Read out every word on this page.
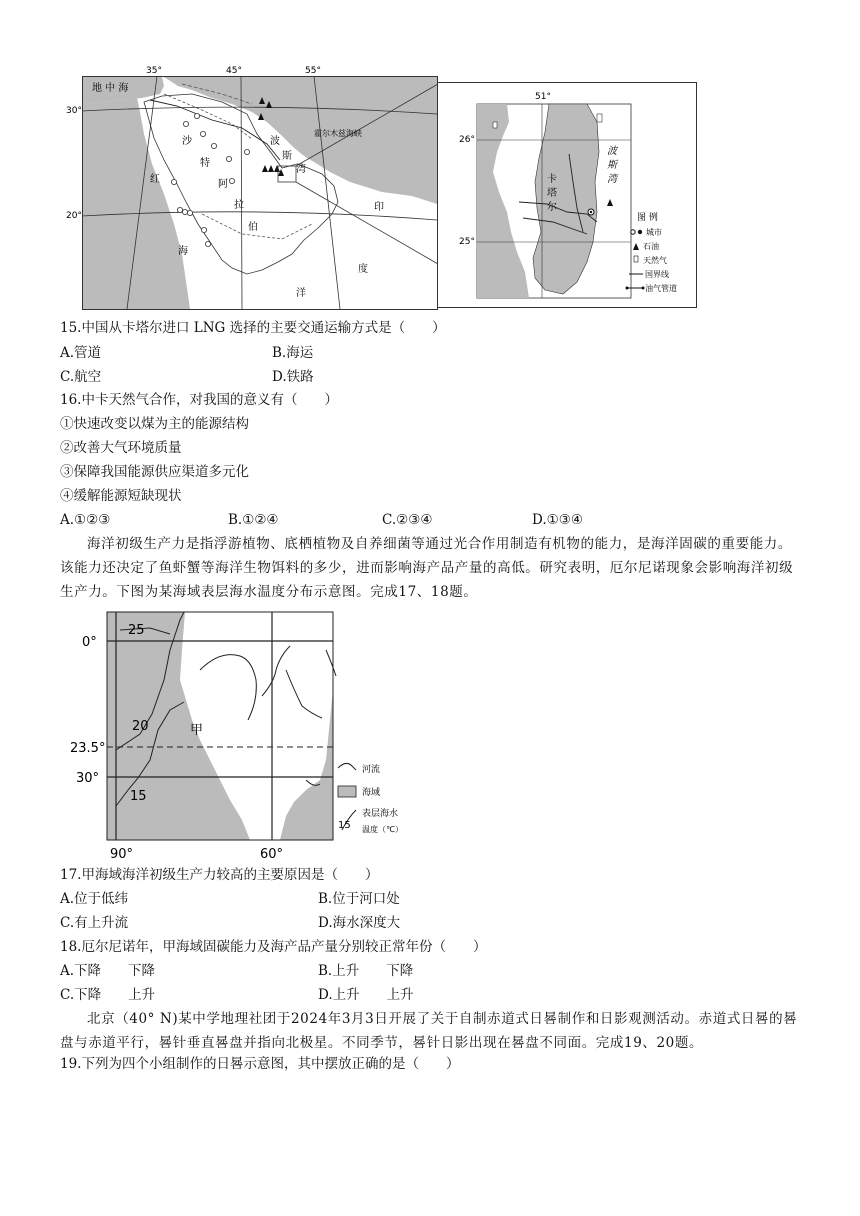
35°	45°	55°
30°
20°
地 中 海
红
海
沙
特
阿
拉
伯
波
斯
湾
霍尔木兹海峡
印
度
洋
51°
26°
25°
卡
塔
尔
波
斯
湾
图 例
城市
石油
天然气
国界线
油气管道
15.中国从卡塔尔进口 LNG 选择的主要交通运输方式是（　　）
A.管道	B.海运
C.航空	D.铁路
16.中卡天然气合作，对我国的意义有（　　）
①快速改变以煤为主的能源结构
②改善大气环境质量
③保障我国能源供应渠道多元化
④缓解能源短缺现状
A.①②③	B.①②④	C.②③④	D.①③④
海洋初级生产力是指浮游植物、底栖植物及自养细菌等通过光合作用制造有机物的能力，是海洋固碳的重要能力。该能力还决定了鱼虾蟹等海洋生物饵料的多少，进而影响海产品产量的高低。研究表明，厄尔尼诺现象会影响海洋初级生产力。下图为某海域表层海水温度分布示意图。完成17、18题。
0°
23.5°
30°
90°	60°
25
20
15
甲
河流
海域
15
表层海水
温度（℃）
17.甲海域海洋初级生产力较高的主要原因是（　　）
A.位于低纬	B.位于河口处
C.有上升流	D.海水深度大
18.厄尔尼诺年，甲海域固碳能力及海产品产量分别较正常年份（　　）
A.下降　　下降	B.上升　　下降
C.下降　　上升	D.上升　　上升
北京（40° N)某中学地理社团于2024年3月3日开展了关于自制赤道式日晷制作和日影观测活动。赤道式日晷的晷盘与赤道平行，晷针垂直晷盘并指向北极星。不同季节，晷针日影出现在晷盘不同面。完成19、20题。
19.下列为四个小组制作的日晷示意图，其中摆放正确的是（　　）
